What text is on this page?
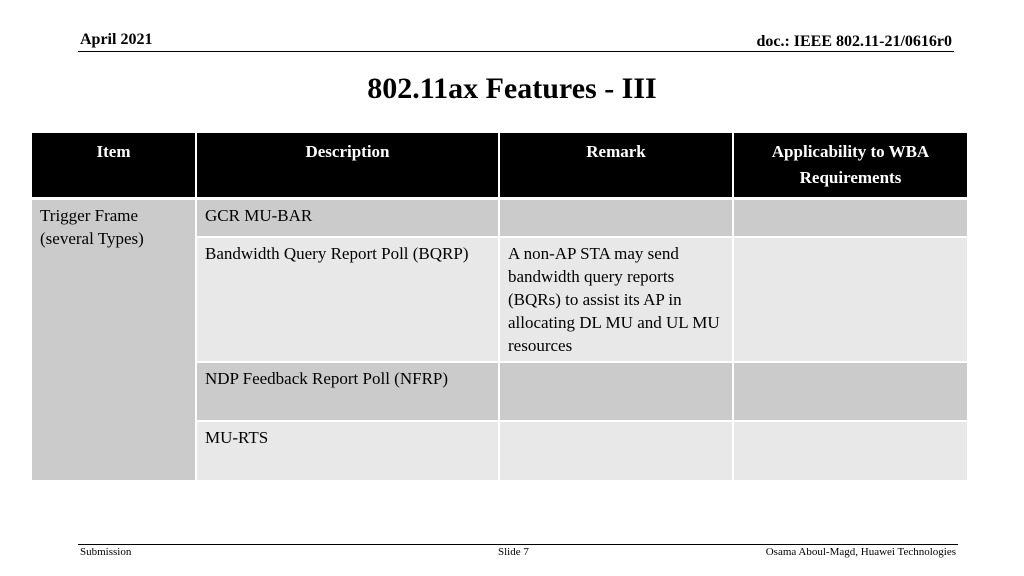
April 2021	doc.: IEEE 802.11-21/0616r0
802.11ax Features - III
Item	Description	Remark	Applicability to WBA Requirements
Trigger Frame (several Types)	GCR MU-BAR		
	Bandwidth Query Report Poll (BQRP)	A non-AP STA may send bandwidth query reports (BQRs) to assist its AP in allocating DL MU and UL MU resources	
	NDP Feedback Report Poll (NFRP)		
	MU-RTS		
Submission	Slide 7	Osama Aboul-Magd, Huawei Technologies
